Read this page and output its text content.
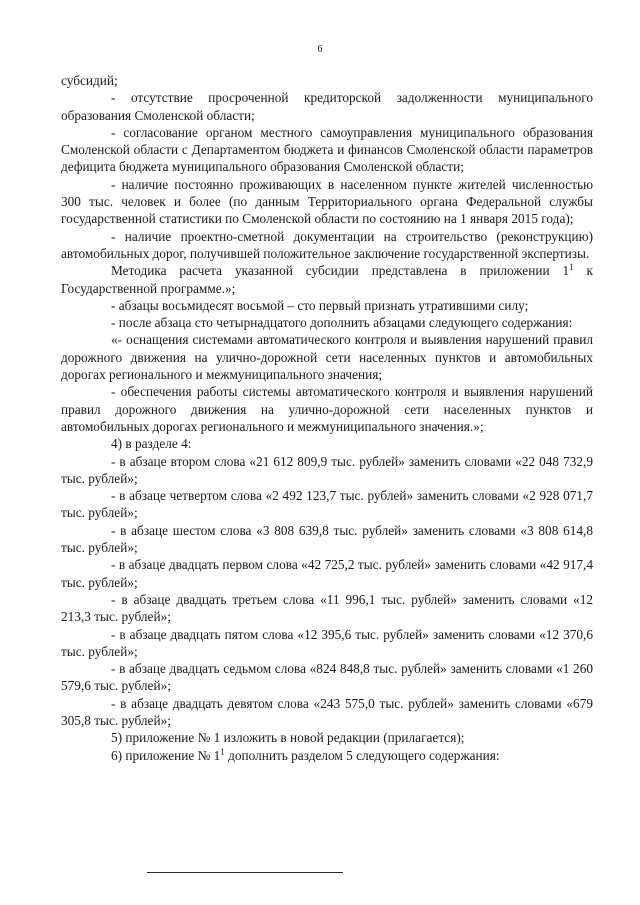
6

субсидий;

- отсутствие просроченной кредиторской задолженности муниципального образования Смоленской области;

- согласование органом местного самоуправления муниципального образования Смоленской области с Департаментом бюджета и финансов Смоленской области параметров дефицита бюджета муниципального образования Смоленской области;

- наличие постоянно проживающих в населенном пункте жителей численностью 300 тыс. человек и более (по данным Территориального органа Федеральной службы государственной статистики по Смоленской области по состоянию на 1 января 2015 года);

- наличие проектно-сметной документации на строительство (реконструкцию) автомобильных дорог, получившей положительное заключение государственной экспертизы.

Методика расчета указанной субсидии представлена в приложении $1^1$ к Государственной программе.»;

- абзацы восьмидесят восьмой – сто первый признать утратившими силу;

- после абзаца сто четырнадцатого дополнить абзацами следующего содержания:

«- оснащения системами автоматического контроля и выявления нарушений правил дорожного движения на улично-дорожной сети населенных пунктов и автомобильных дорогах регионального и межмуниципального значения;

- обеспечения работы системы автоматического контроля и выявления нарушений правил дорожного движения на улично-дорожной сети населенных пунктов и автомобильных дорогах регионального и межмуниципального значения.»;

4) в разделе 4:

- в абзаце втором слова «21 612 809,9 тыс. рублей» заменить словами «22 048 732,9 тыс. рублей»;

- в абзаце четвертом слова «2 492 123,7 тыс. рублей» заменить словами «2 928 071,7 тыс. рублей»;

- в абзаце шестом слова «3 808 639,8 тыс. рублей» заменить словами «3 808 614,8 тыс. рублей»;

- в абзаце двадцать первом слова «42 725,2 тыс. рублей» заменить словами «42 917,4 тыс. рублей»;

- в абзаце двадцать третьем слова «11 996,1 тыс. рублей» заменить словами «12 213,3 тыс. рублей»;

- в абзаце двадцать пятом слова «12 395,6 тыс. рублей» заменить словами «12 370,6 тыс. рублей»;

- в абзаце двадцать седьмом слова «824 848,8 тыс. рублей» заменить словами «1 260 579,6 тыс. рублей»;

- в абзаце двадцать девятом слова «243 575,0 тыс. рублей» заменить словами «679 305,8 тыс. рублей»;

5) приложение № 1 изложить в новой редакции (прилагается);

6) приложение № $1^1$ дополнить разделом 5 следующего содержания:
